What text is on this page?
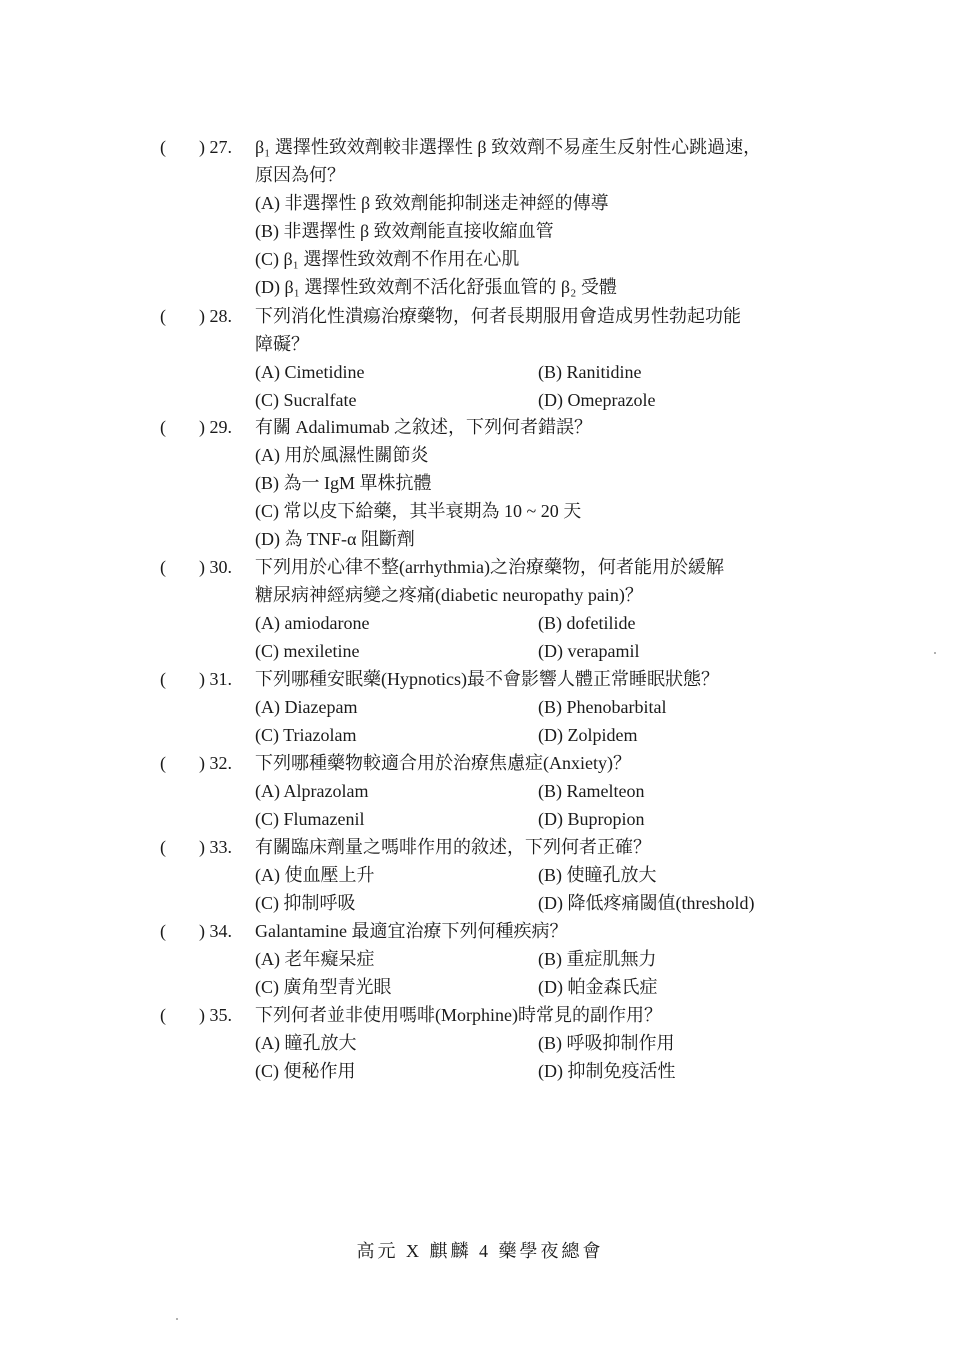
( ) 27. β₁ 選擇性致效劑較非選擇性 β 致效劑不易產生反射性心跳過速，
原因為何？
(A) 非選擇性 β 致效劑能抑制迷走神經的傳導
(B) 非選擇性 β 致效劑能直接收縮血管
(C) β₁ 選擇性致效劑不作用在心肌
(D) β₁ 選擇性致效劑不活化舒張血管的 β₂ 受體
( ) 28. 下列消化性潰瘍治療藥物，何者長期服用會造成男性勃起功能
障礙？
(A) Cimetidine	(B) Ranitidine
(C) Sucralfate	(D) Omeprazole
( ) 29. 有關 Adalimumab 之敘述，下列何者錯誤？
(A) 用於風濕性關節炎
(B) 為一 IgM 單株抗體
(C) 常以皮下給藥，其半衰期為 10 ~ 20 天
(D) 為 TNF-α 阻斷劑
( ) 30. 下列用於心律不整(arrhythmia)之治療藥物，何者能用於緩解
糖尿病神經病變之疼痛(diabetic neuropathy pain)？
(A) amiodarone	(B) dofetilide
(C) mexiletine	(D) verapamil
( ) 31. 下列哪種安眠藥(Hypnotics)最不會影響人體正常睡眠狀態？
(A) Diazepam	(B) Phenobarbital
(C) Triazolam	(D) Zolpidem
( ) 32. 下列哪種藥物較適合用於治療焦慮症(Anxiety)？
(A) Alprazolam	(B) Ramelteon
(C) Flumazenil	(D) Bupropion
( ) 33. 有關臨床劑量之嗎啡作用的敘述，下列何者正確？
(A) 使血壓上升	(B) 使瞳孔放大
(C) 抑制呼吸	(D) 降低疼痛閾值(threshold)
( ) 34. Galantamine 最適宜治療下列何種疾病？
(A) 老年癡呆症	(B) 重症肌無力
(C) 廣角型青光眼	(D) 帕金森氏症
( ) 35. 下列何者並非使用嗎啡(Morphine)時常見的副作用？
(A) 瞳孔放大	(B) 呼吸抑制作用
(C) 便秘作用	(D) 抑制免疫活性
高元 X 麒麟 4 藥學夜總會
